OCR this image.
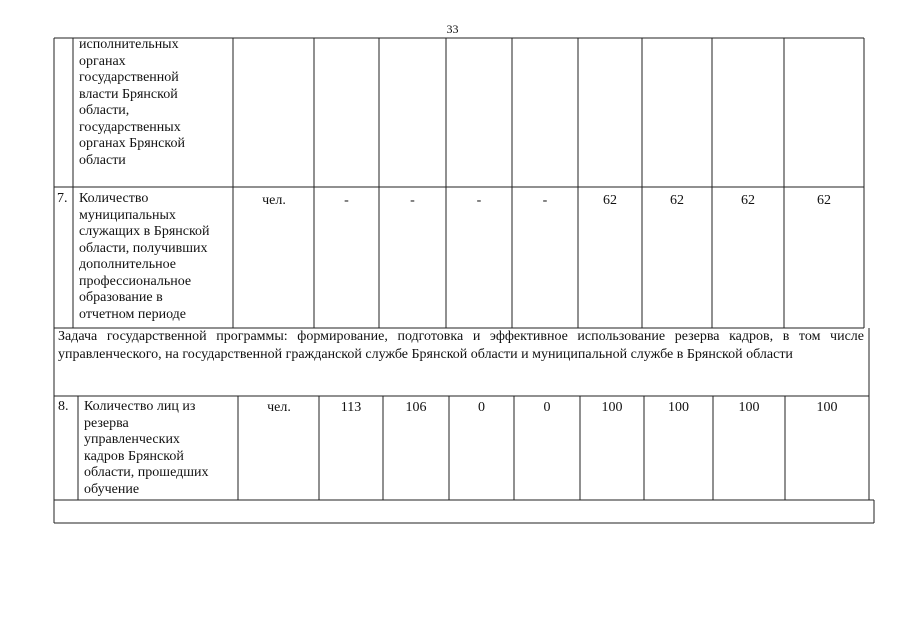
33
исполнительных
органах
государственной
власти Брянской
области,
государственных
органах Брянской
области
7. Количество
муниципальных
служащих в Брянской
области, получивших
дополнительное
профессиональное
образование в
отчетном периоде
чел.	-	-	-	-	62	62	62	62
Задача государственной программы: формирование, подготовка и эффективное использование резерва кадров, в том числе управленческого, на государственной гражданской службе Брянской области и муниципальной службе в Брянской области
8.	Количество лиц из
резерва
управленческих
кадров Брянской
области, прошедших
обучение
чел.	113	106	0	0	100	100	100	100
